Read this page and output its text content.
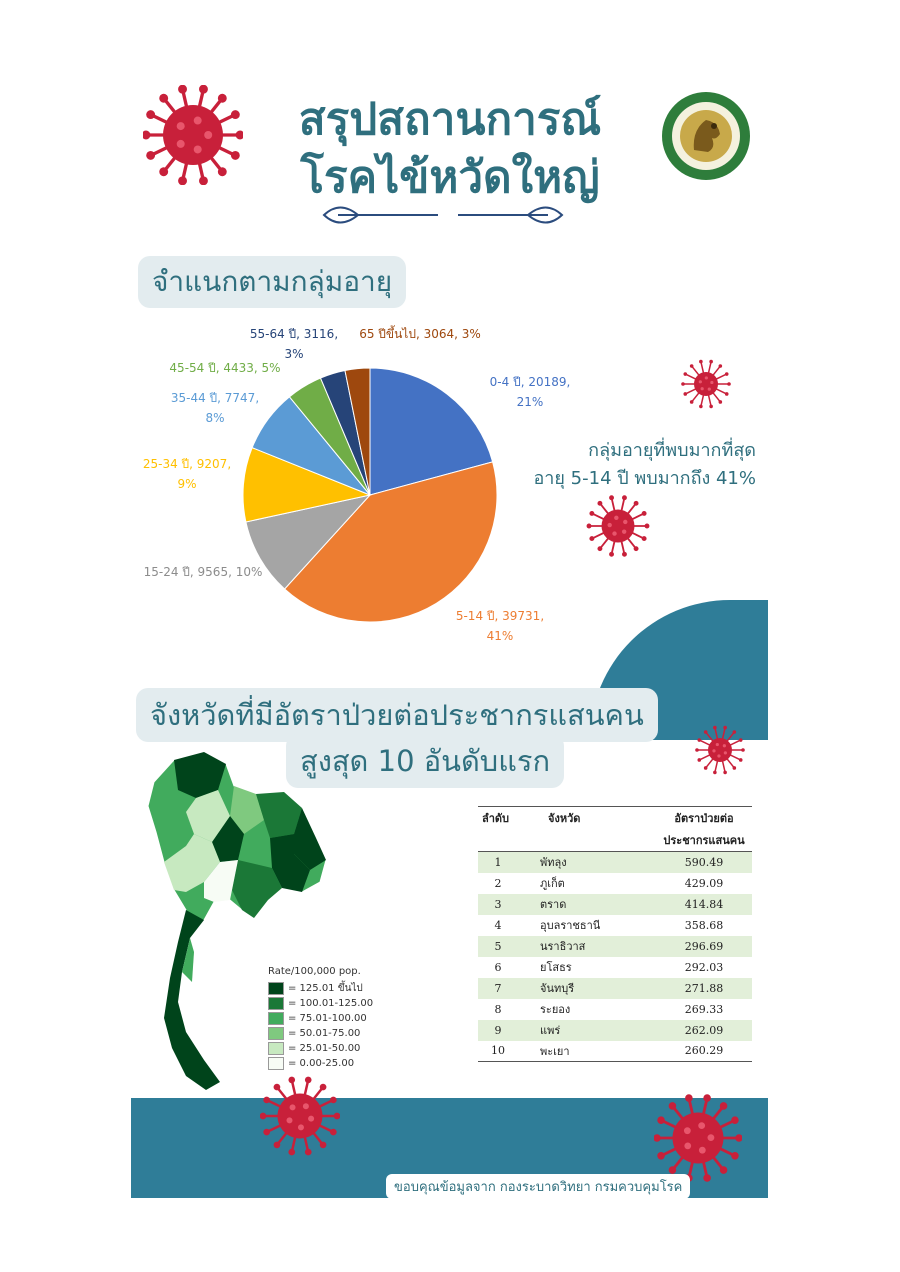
สรุปสถานการณ์
โรคไข้หวัดใหญ่
จำแนกตามกลุ่มอายุ
0-4 ปี, 20189,
21%
5-14 ปี, 39731,
41%
15-24 ปี, 9565, 10%
25-34 ปี, 9207,
9%
35-44 ปี, 7747,
8%
45-54 ปี, 4433, 5%
55-64 ปี, 3116,
3%
65 ปีขึ้นไป, 3064, 3%
กลุ่มอายุที่พบมากที่สุด
อายุ 5-14 ปี พบมากถึง 41%
จังหวัดที่มีอัตราป่วยต่อประชากรแสนคน
สูงสุด 10 อันดับแรก
Rate/100,000 pop.
= 125.01 ขึ้นไป
= 100.01-125.00
= 75.01-100.00
= 50.01-75.00
= 25.01-50.00
= 0.00-25.00
ลำดับ	จังหวัด	อัตราป่วยต่อ
		ประชากรแสนคน
1	พัทลุง	590.49
2	ภูเก็ต	429.09
3	ตราด	414.84
4	อุบลราชธานี	358.68
5	นราธิวาส	296.69
6	ยโสธร	292.03
7	จันทบุรี	271.88
8	ระยอง	269.33
9	แพร่	262.09
10	พะเยา	260.29
ขอบคุณข้อมูลจาก กองระบาดวิทยา กรมควบคุมโรค
